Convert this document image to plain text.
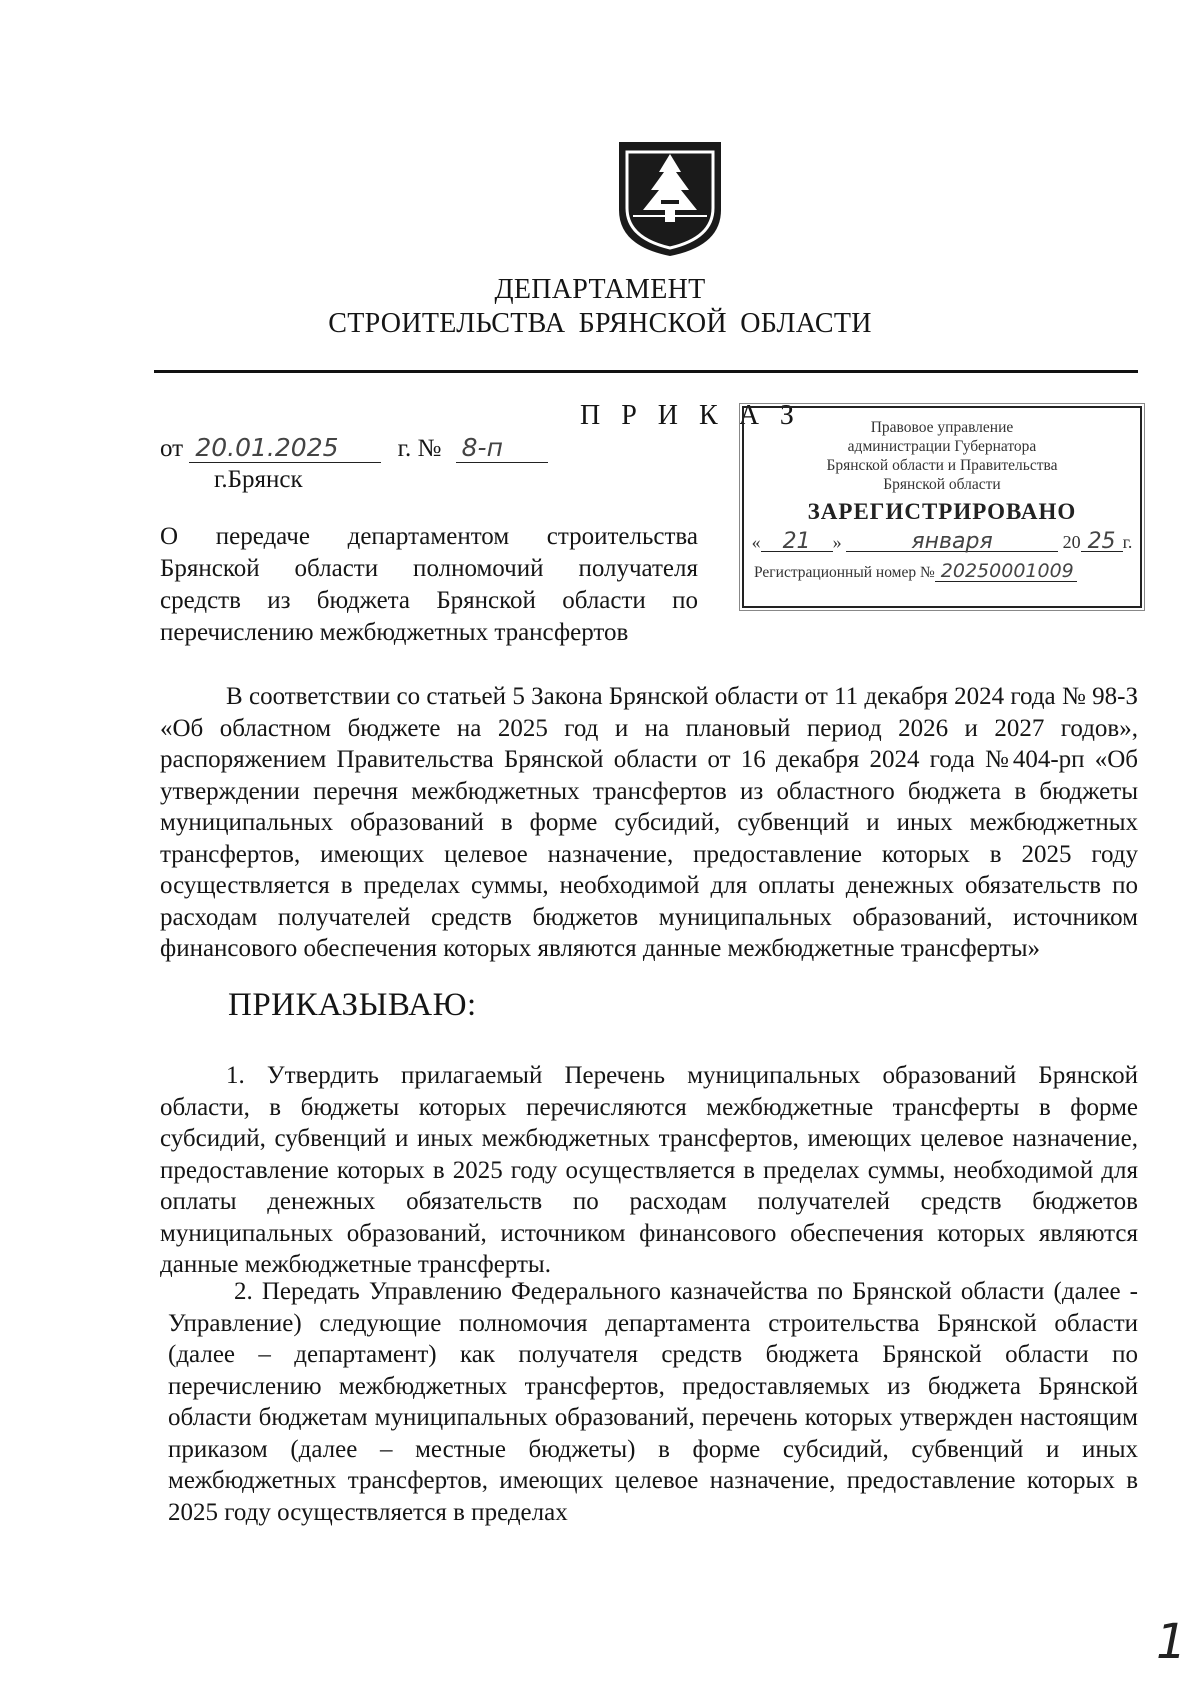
ДЕПАРТАМЕНТ
СТРОИТЕЛЬСТВА БРЯНСКОЙ ОБЛАСТИ
П Р И К А З
от 20.01.2025 г. № 8-п
г.Брянск
Правовое управление
администрации Губернатора
Брянской области и Правительства
Брянской области
ЗАРЕГИСТРИРОВАНО
« 21 »	января	20 25 г.
Регистрационный номер № 20250001009
О передаче департаментом строительства Брянской области полномочий получателя средств из бюджета Брянской области по перечислению межбюджетных трансфертов
В соответствии со статьей 5 Закона Брянской области от 11 декабря 2024 года № 98-З «Об областном бюджете на 2025 год и на плановый период 2026 и 2027 годов», распоряжением Правительства Брянской области от 16 декабря 2024 года №404-рп «Об утверждении перечня межбюджетных трансфертов из областного бюджета в бюджеты муниципальных образований в форме субсидий, субвенций и иных межбюджетных трансфертов, имеющих целевое назначение, предоставление которых в 2025 году осуществляется в пределах суммы, необходимой для оплаты денежных обязательств по расходам получателей средств бюджетов муниципальных образований, источником финансового обеспечения которых являются данные межбюджетные трансферты»
ПРИКАЗЫВАЮ:
1. Утвердить прилагаемый Перечень муниципальных образований Брянской области, в бюджеты которых перечисляются межбюджетные трансферты в форме субсидий, субвенций и иных межбюджетных трансфертов, имеющих целевое назначение, предоставление которых в 2025 году осуществляется в пределах суммы, необходимой для оплаты денежных обязательств по расходам получателей средств бюджетов муниципальных образований, источником финансового обеспечения которых являются данные межбюджетные трансферты.
2. Передать Управлению Федерального казначейства по Брянской области (далее - Управление) следующие полномочия департамента строительства Брянской области (далее – департамент) как получателя средств бюджета Брянской области по перечислению межбюджетных трансфертов, предоставляемых из бюджета Брянской области бюджетам муниципальных образований, перечень которых утвержден настоящим приказом (далее – местные бюджеты) в форме субсидий, субвенций и иных межбюджетных трансфертов, имеющих целевое назначение, предоставление которых в 2025 году осуществляется в пределах
1
